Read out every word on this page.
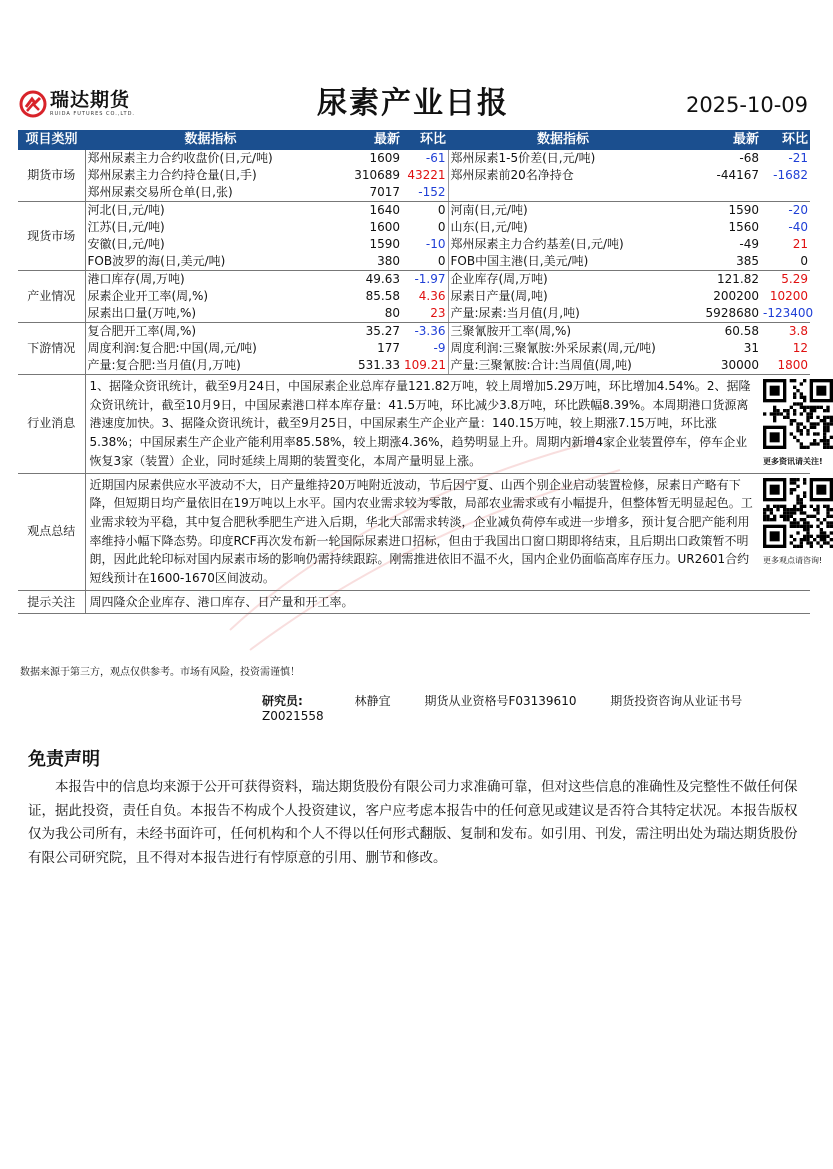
瑞达期货
RUIDA FUTURES CO.,LTD.	尿素产业日报	2025-10-09
项目类别	数据指标	最新	环比	数据指标	最新	环比
期货市场	郑州尿素主力合约收盘价(日,元/吨)	1609	-61	郑州尿素1-5价差(日,元/吨)	-68	-21
	郑州尿素主力合约持仓量(日,手)	310689	43221	郑州尿素前20名净持仓	-44167	-1682
	郑州尿素交易所仓单(日,张)	7017	-152			
现货市场	河北(日,元/吨)	1640	0	河南(日,元/吨)	1590	-20
	江苏(日,元/吨)	1600	0	山东(日,元/吨)	1560	-40
	安徽(日,元/吨)	1590	-10	郑州尿素主力合约基差(日,元/吨)	-49	21
	FOB波罗的海(日,美元/吨)	380	0	FOB中国主港(日,美元/吨)	385	0
产业情况	港口库存(周,万吨)	49.63	-1.97	企业库存(周,万吨)	121.82	5.29
	尿素企业开工率(周,%)	85.58	4.36	尿素日产量(周,吨)	200200	10200
	尿素出口量(万吨,%)	80	23	产量:尿素:当月值(月,吨)	5928680	-123400
下游情况	复合肥开工率(周,%)	35.27	-3.36	三聚氰胺开工率(周,%)	60.58	3.8
	周度利润:复合肥:中国(周,元/吨)	177	-9	周度利润:三聚氰胺:外采尿素(周,元/吨)	31	12
	产量:复合肥:当月值(月,万吨)	531.33	109.21	产量:三聚氰胺:合计:当周值(周,吨)	30000	1800
行业消息	1、据隆众资讯统计，截至9月24日，中国尿素企业总库存量121.82万吨，较上周增加5.29万吨，环比增加4.54%。2、据隆众资讯统计，截至10月9日，中国尿素港口样本库存量：41.5万吨，环比减少3.8万吨，环比跌幅8.39%。本周期港口货源离港速度加快。3、据隆众资讯统计，截至9月25日，中国尿素生产企业产量：140.15万吨，较上期涨7.15万吨，环比涨5.38%；中国尿素生产企业产能利用率85.58%，较上期涨4.36%，趋势明显上升。周期内新增4家企业装置停车，停车企业恢复3家（装置）企业，同时延续上周期的装置变化，本周产量明显上涨。					更多资讯请关注!

观点总结	近期国内尿素供应水平波动不大，日产量维持20万吨附近波动，节后因宁夏、山西个别企业启动装置检修，尿素日产略有下降，但短期日均产量依旧在19万吨以上水平。国内农业需求较为零散，局部农业需求或有小幅提升，但整体暂无明显起色。工业需求较为平稳，其中复合肥秋季肥生产进入后期，华北大部需求转淡，企业减负荷停车或进一步增多，预计复合肥产能利用率维持小幅下降态势。印度RCF再次发布新一轮国际尿素进口招标，但由于我国出口窗口期即将结束，且后期出口政策暂不明朗，因此此轮印标对国内尿素市场的影响仍需持续跟踪。刚需推进依旧不温不火，国内企业仍面临高库存压力。UR2601合约短线预计在1600-1670区间波动。					更多观点请咨询!

提示关注	周四隆众企业库存、港口库存、日产量和开工率。					
数据来源于第三方，观点仅供参考。市场有风险，投资需谨慎！
研究员:	林静宜	期货从业资格号F03139610	期货投资咨询从业证书号Z0021558
免责声明
本报告中的信息均来源于公开可获得资料，瑞达期货股份有限公司力求准确可靠，但对这些信息的准确性及完整性不做任何保证，据此投资，责任自负。本报告不构成个人投资建议，客户应考虑本报告中的任何意见或建议是否符合其特定状况。本报告版权仅为我公司所有，未经书面许可，任何机构和个人不得以任何形式翻版、复制和发布。如引用、刊发，需注明出处为瑞达期货股份有限公司研究院，且不得对本报告进行有悖原意的引用、删节和修改。
